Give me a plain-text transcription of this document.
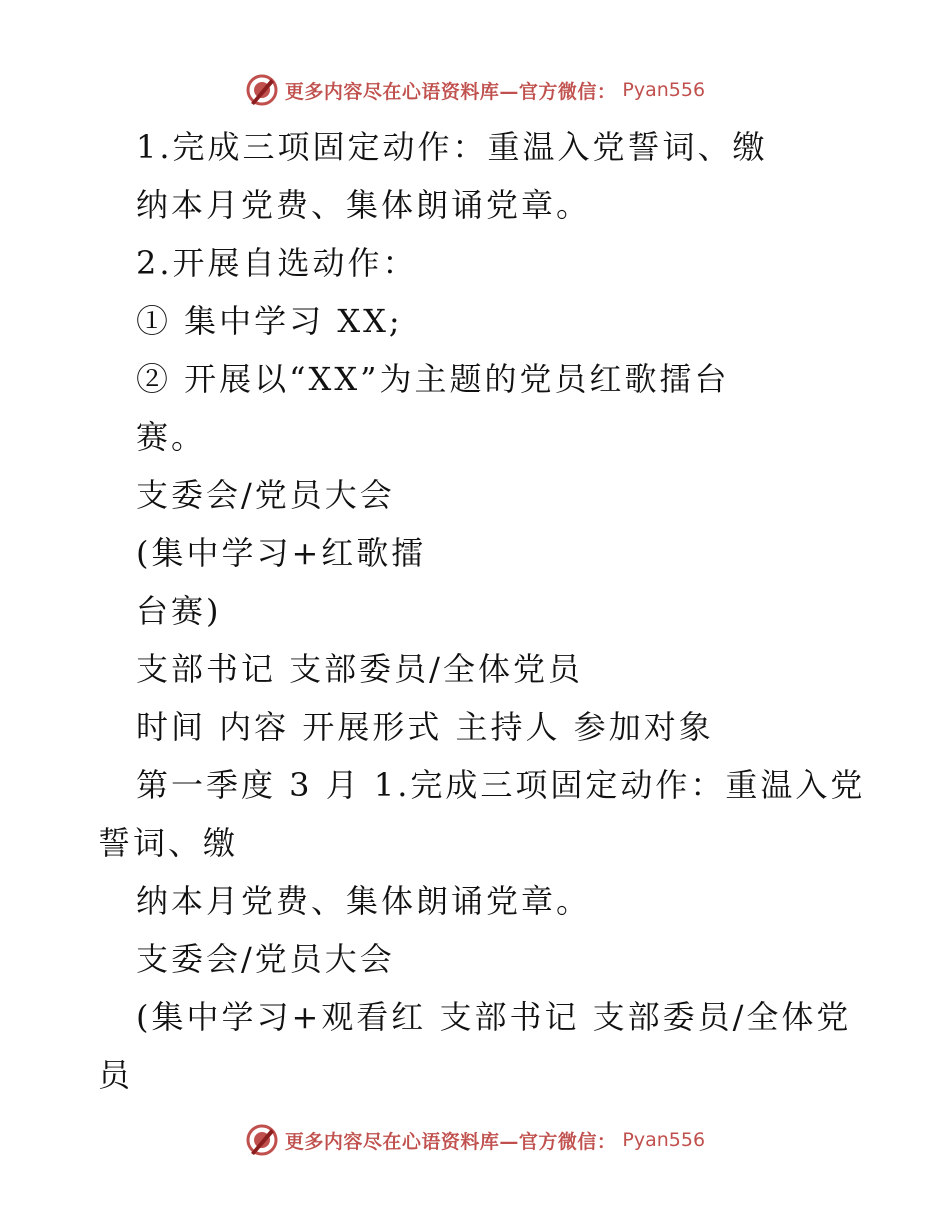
更多内容尽在心语资料库—官方微信： Pyan556
1.完成三项固定动作：重温入党誓词、缴
纳本月党费、集体朗诵党章。
2.开展自选动作：
① 集中学习 XX;
② 开展以“XX”为主题的党员红歌擂台
赛。
支委会/党员大会
(集中学习+红歌擂
台赛)
支部书记 支部委员/全体党员
时间 内容 开展形式 主持人 参加对象
第一季度 3 月 1.完成三项固定动作：重温入党
誓词、缴
纳本月党费、集体朗诵党章。
支委会/党员大会
(集中学习+观看红 支部书记 支部委员/全体党
员
更多内容尽在心语资料库—官方微信： Pyan556
